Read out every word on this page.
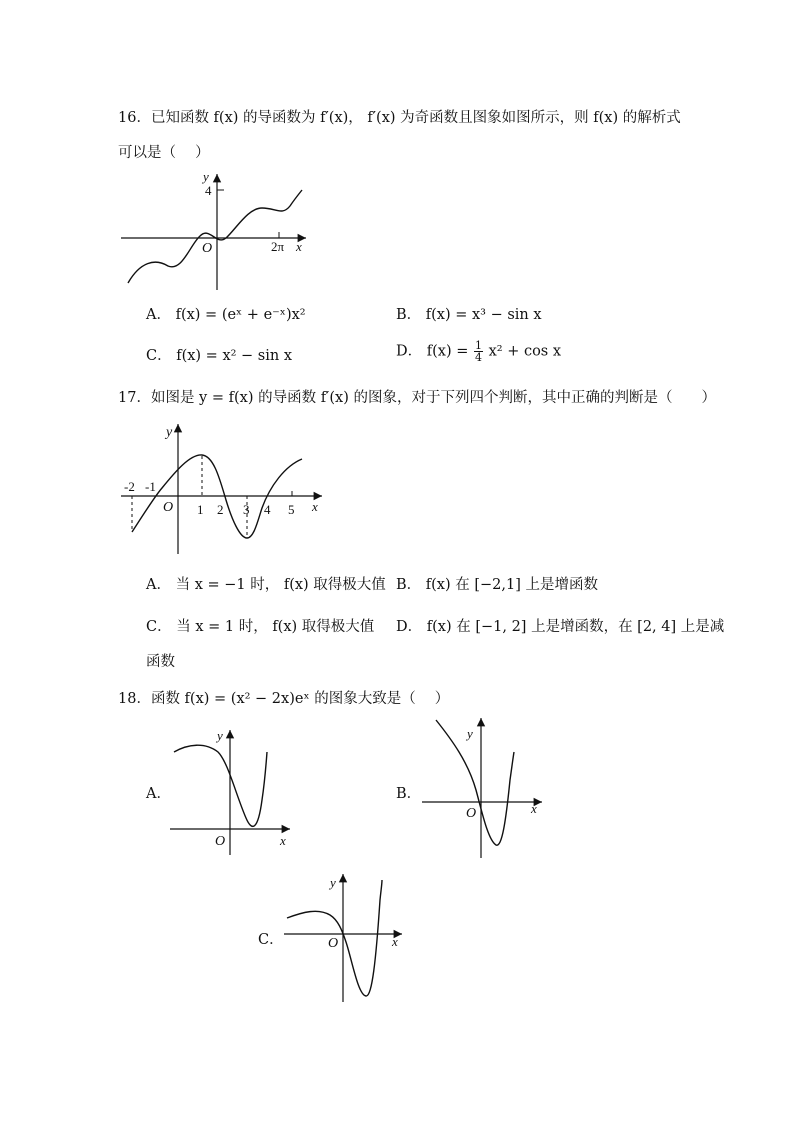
16．已知函数 f(x) 的导函数为 f′(x)， f′(x) 为奇函数且图象如图所示，则 f(x) 的解析式
可以是（　 ）
y
4
O	2π x
A． f(x) = (eˣ + e⁻ˣ)x²	B． f(x) = x³ − sin x
C． f(x) = x² − sin x	D． $f(x) = \frac{1}{4} x^2 + \cos x$
17．如图是 y = f(x) 的导函数 f′(x) 的图象，对于下列四个判断，其中正确的判断是（　　）
y
-2 -1
O 1 2 3 4 5 x
A． 当 x = −1 时， f(x) 取得极大值 B． f(x) 在 [−2,1] 上是增函数
C． 当 x = 1 时， f(x) 取得极大值 D． f(x) 在 [−1, 2] 上是增函数，在 [2, 4] 上是减
函数
18．函数 f(x) = (x² − 2x)eˣ 的图象大致是（　 ）
A．
y
O	x
B．
y
O	x
C．
y
O	x
